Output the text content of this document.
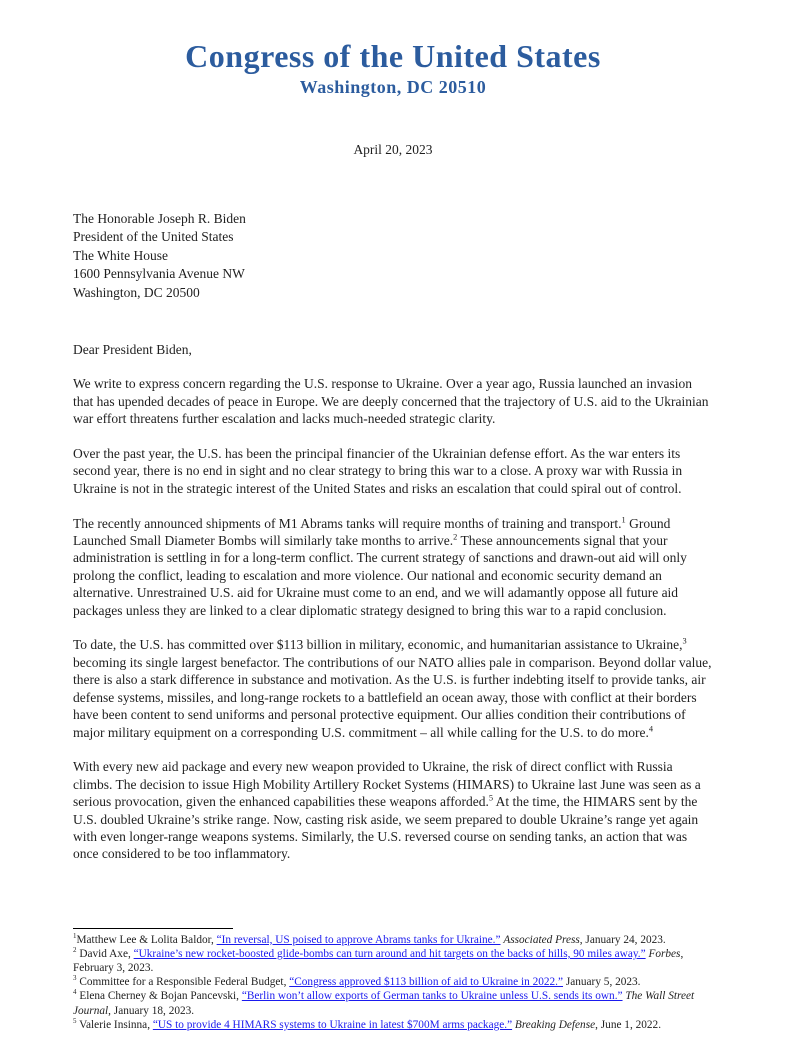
Congress of the United States
Washington, DC 20510
April 20, 2023
The Honorable Joseph R. Biden
President of the United States
The White House
1600 Pennsylvania Avenue NW
Washington, DC 20500
Dear President Biden,

We write to express concern regarding the U.S. response to Ukraine. Over a year ago, Russia launched an invasion that has upended decades of peace in Europe. We are deeply concerned that the trajectory of U.S. aid to the Ukrainian war effort threatens further escalation and lacks much-needed strategic clarity.

Over the past year, the U.S. has been the principal financier of the Ukrainian defense effort. As the war enters its second year, there is no end in sight and no clear strategy to bring this war to a close. A proxy war with Russia in Ukraine is not in the strategic interest of the United States and risks an escalation that could spiral out of control.

The recently announced shipments of M1 Abrams tanks will require months of training and transport.$^1$ Ground Launched Small Diameter Bombs will similarly take months to arrive.$^2$ These announcements signal that your administration is settling in for a long-term conflict. The current strategy of sanctions and drawn-out aid will only prolong the conflict, leading to escalation and more violence. Our national and economic security demand an alternative. Unrestrained U.S. aid for Ukraine must come to an end, and we will adamantly oppose all future aid packages unless they are linked to a clear diplomatic strategy designed to bring this war to a rapid conclusion.

To date, the U.S. has committed over $113 billion in military, economic, and humanitarian assistance to Ukraine,$^3$ becoming its single largest benefactor. The contributions of our NATO allies pale in comparison. Beyond dollar value, there is also a stark difference in substance and motivation. As the U.S. is further indebting itself to provide tanks, air defense systems, missiles, and long-range rockets to a battlefield an ocean away, those with conflict at their borders have been content to send uniforms and personal protective equipment. Our allies condition their contributions of major military equipment on a corresponding U.S. commitment – all while calling for the U.S. to do more.$^4$

With every new aid package and every new weapon provided to Ukraine, the risk of direct conflict with Russia climbs. The decision to issue High Mobility Artillery Rocket Systems (HIMARS) to Ukraine last June was seen as a serious provocation, given the enhanced capabilities these weapons afforded.$^5$ At the time, the HIMARS sent by the U.S. doubled Ukraine’s strike range. Now, casting risk aside, we seem prepared to double Ukraine’s range yet again with even longer-range weapons systems. Similarly, the U.S. reversed course on sending tanks, an action that was once considered to be too inflammatory.

$^1$Matthew Lee & Lolita Baldor, “In reversal, US poised to approve Abrams tanks for Ukraine.” Associated Press, January 24, 2023.
$^2$ David Axe, “Ukraine’s new rocket-boosted glide-bombs can turn around and hit targets on the backs of hills, 90 miles away.” Forbes, February 3, 2023.
$^3$ Committee for a Responsible Federal Budget, “Congress approved $113 billion of aid to Ukraine in 2022.” January 5, 2023.
$^4$ Elena Cherney & Bojan Pancevski, “Berlin won’t allow exports of German tanks to Ukraine unless U.S. sends its own.” The Wall Street Journal, January 18, 2023.
$^5$ Valerie Insinna, “US to provide 4 HIMARS systems to Ukraine in latest $700M arms package.” Breaking Defense, June 1, 2022.
